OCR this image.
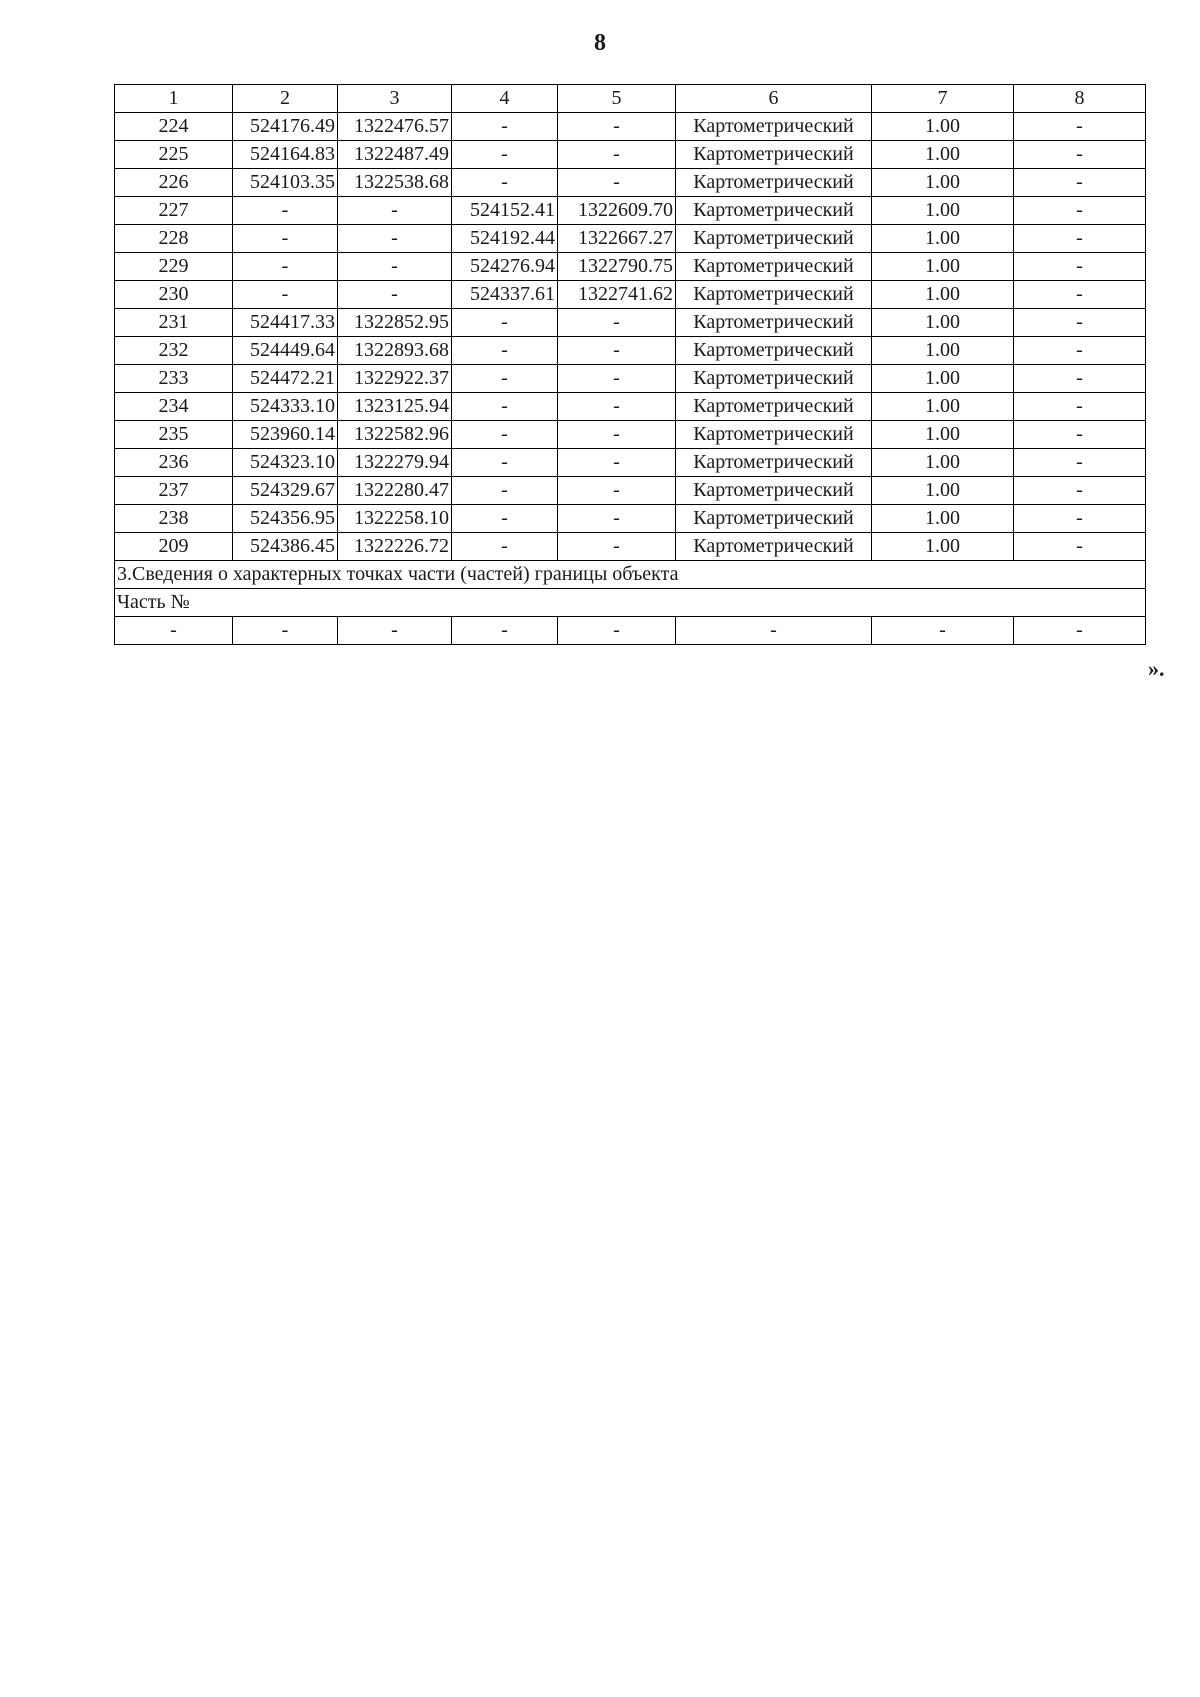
8
1	2	3	4	5	6	7	8
224	524176.49	1322476.57	-	-	Картометрический	1.00	-
225	524164.83	1322487.49	-	-	Картометрический	1.00	-
226	524103.35	1322538.68	-	-	Картометрический	1.00	-
227	-	-	524152.41	1322609.70	Картометрический	1.00	-
228	-	-	524192.44	1322667.27	Картометрический	1.00	-
229	-	-	524276.94	1322790.75	Картометрический	1.00	-
230	-	-	524337.61	1322741.62	Картометрический	1.00	-
231	524417.33	1322852.95	-	-	Картометрический	1.00	-
232	524449.64	1322893.68	-	-	Картометрический	1.00	-
233	524472.21	1322922.37	-	-	Картометрический	1.00	-
234	524333.10	1323125.94	-	-	Картометрический	1.00	-
235	523960.14	1322582.96	-	-	Картометрический	1.00	-
236	524323.10	1322279.94	-	-	Картометрический	1.00	-
237	524329.67	1322280.47	-	-	Картометрический	1.00	-
238	524356.95	1322258.10	-	-	Картометрический	1.00	-
209	524386.45	1322226.72	-	-	Картометрический	1.00	-
3.Сведения о характерных точках части (частей) границы объекта							
Часть №							
-	-	-	-	-	-	-	-
».
